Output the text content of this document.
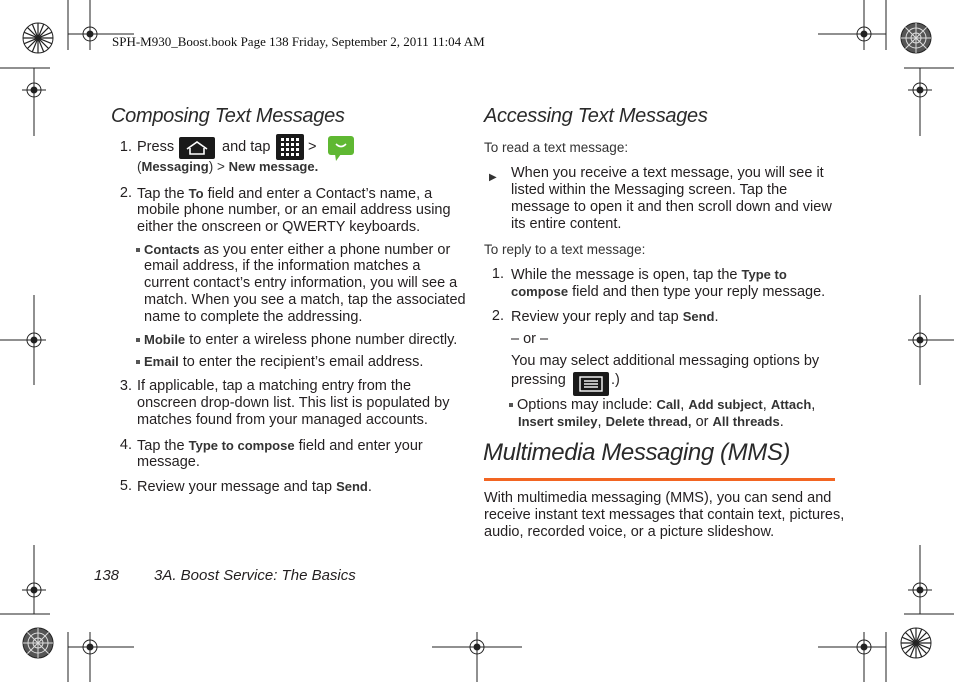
SPH-M930_Boost.book Page 138 Friday, September 2, 2011 11:04 AM
Composing Text Messages
1. Press	and tap	>
(Messaging) > New message.
2. Tap the To field and enter a Contact’s name, a
mobile phone number, or an email address using
either the onscreen or QWERTY keyboards.
Contacts as you enter either a phone number or
email address, if the information matches a
current contact’s entry information, you will see a
match. When you see a match, tap the associated
name to complete the addressing.
Mobile to enter a wireless phone number directly.
Email to enter the recipient’s email address.
3. If applicable, tap a matching entry from the
onscreen drop-down list. This list is populated by
matches found from your managed accounts.
4. Tap the Type to compose field and enter your
message.
5. Review your message and tap Send.
Accessing Text Messages
To read a text message:
▶ When you receive a text message, you will see it
listed within the Messaging screen. Tap the
message to open it and then scroll down and view
its entire content.
To reply to a text message:
1. While the message is open, tap the Type to
compose field and then type your reply message.
2. Review your reply and tap Send.
– or –
You may select additional messaging options by
pressing	.)
Options may include: Call, Add subject, Attach,
Insert smiley, Delete thread, or All threads.
Multimedia Messaging (MMS)
With multimedia messaging (MMS), you can send and
receive instant text messages that contain text, pictures,
audio, recorded voice, or a picture slideshow.
138 3A. Boost Service: The Basics
